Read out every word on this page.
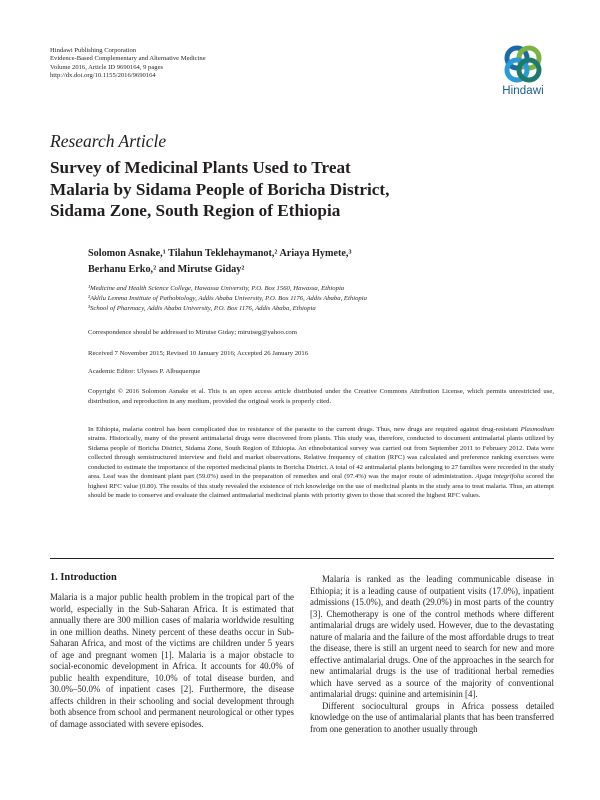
Hindawi Publishing Corporation
Evidence-Based Complementary and Alternative Medicine
Volume 2016, Article ID 9690164, 9 pages
http://dx.doi.org/10.1155/2016/9690164
Hindawi
Research Article
Survey of Medicinal Plants Used to Treat
Malaria by Sidama People of Boricha District,
Sidama Zone, South Region of Ethiopia
Solomon Asnake,¹ Tilahun Teklehaymanot,² Ariaya Hymete,³
Berhanu Erko,² and Mirutse Giday²
¹Medicine and Health Science College, Hawassa University, P.O. Box 1560, Hawassa, Ethiopia
²Aklilu Lemma Institute of Pathobiology, Addis Ababa University, P.O. Box 1176, Addis Ababa, Ethiopia
³School of Pharmacy, Addis Ababa University, P.O. Box 1176, Addis Ababa, Ethiopia
Correspondence should be addressed to Mirutse Giday; mirutseg@yahoo.com
Received 7 November 2015; Revised 10 January 2016; Accepted 26 January 2016
Academic Editor: Ulysses P. Albuquerque
Copyright © 2016 Solomon Asnake et al. This is an open access article distributed under the Creative Commons Attribution License, which permits unrestricted use, distribution, and reproduction in any medium, provided the original work is properly cited.
In Ethiopia, malaria control has been complicated due to resistance of the parasite to the current drugs. Thus, new drugs are required against drug-resistant Plasmodium strains. Historically, many of the present antimalarial drugs were discovered from plants. This study was, therefore, conducted to document antimalarial plants utilized by Sidama people of Boricha District, Sidama Zone, South Region of Ethiopia. An ethnobotanical survey was carried out from September 2011 to February 2012. Data were collected through semistructured interview and field and market observations. Relative frequency of citation (RFC) was calculated and preference ranking exercises were conducted to estimate the importance of the reported medicinal plants in Boricha District. A total of 42 antimalarial plants belonging to 27 families were recorded in the study area. Leaf was the dominant plant part (59.0%) used in the preparation of remedies and oral (97.4%) was the major route of administration. Ajuga integrifolia scored the highest RFC value (0.80). The results of this study revealed the existence of rich knowledge on the use of medicinal plants in the study area to treat malaria. Thus, an attempt should be made to conserve and evaluate the claimed antimalarial medicinal plants with priority given to those that scored the highest RFC values.
1. Introduction

Malaria is a major public health problem in the tropical part of the world, especially in the Sub-Saharan Africa. It is estimated that annually there are 300 million cases of malaria worldwide resulting in one million deaths. Ninety percent of these deaths occur in Sub-Saharan Africa, and most of the victims are children under 5 years of age and pregnant women [1]. Malaria is a major obstacle to social-economic development in Africa. It accounts for 40.0% of public health expenditure, 10.0% of total disease burden, and 30.0%–50.0% of inpatient cases [2]. Furthermore, the disease affects children in their schooling and social development through both absence from school and permanent neurological or other types of damage associated with severe episodes.

Malaria is ranked as the leading communicable disease in Ethiopia; it is a leading cause of outpatient visits (17.0%), inpatient admissions (15.0%), and death (29.0%) in most parts of the country [3]. Chemotherapy is one of the control methods where different antimalarial drugs are widely used. However, due to the devastating nature of malaria and the failure of the most affordable drugs to treat the disease, there is still an urgent need to search for new and more effective antimalarial drugs. One of the approaches in the search for new antimalarial drugs is the use of traditional herbal remedies which have served as a source of the majority of conventional antimalarial drugs: quinine and artemisinin [4].

Different sociocultural groups in Africa possess detailed knowledge on the use of antimalarial plants that has been transferred from one generation to another usually through
